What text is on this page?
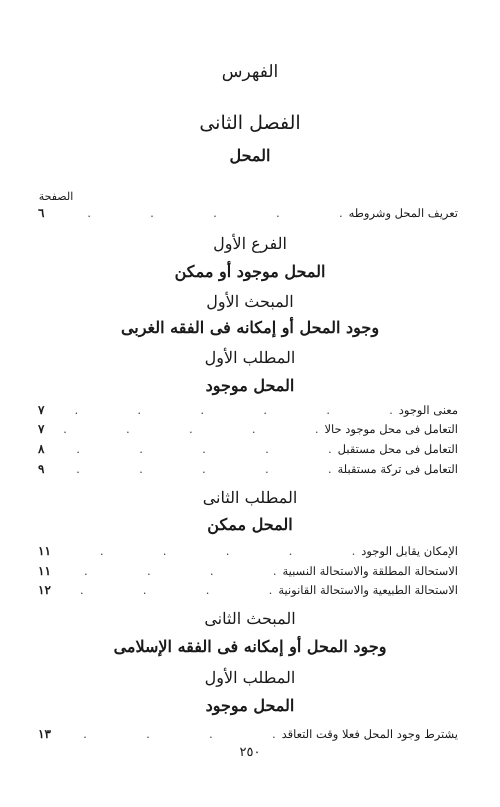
الفهرس
الفصل الثانى
المحل
الصفحة
تعريف المحل وشروطه
.
٦
الفرع الأول
المحل موجود أو ممكن
المبحث الأول
وجود المحل أو إمكانه فى الفقه الغربى
المطلب الأول
المحل موجود
معنى الوجود
.
٧
التعامل فى محل موجود حالا
.
٧
التعامل فى محل مستقبل
.
٨
التعامل فى تركة مستقبلة
.
٩
المطلب الثانى
المحل ممكن
الإمكان يقابل الوجود
.
١١
الاستحالة المطلقة والاستحالة النسبية
.
١١
الاستحالة الطبيعية والاستحالة القانونية
.
١٢
المبحث الثانى
وجود المحل أو إمكانه فى الفقه الإسلامى
المطلب الأول
المحل موجود
يشترط وجود المحل فعلا وقت التعاقد
.
١٣
٢٥٠
